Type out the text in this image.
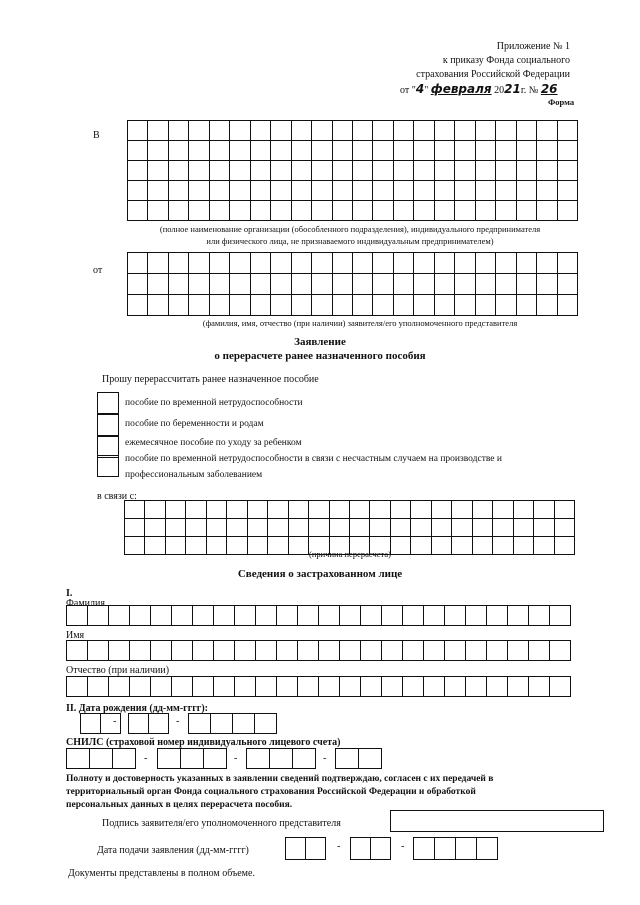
Приложение № 1
к приказу Фонда социального
страхования Российской Федерации
от "4" февраля 2021г. № 26
Форма
В
(полное наименование организации (обособленного подразделения), индивидуального предпринимателя
или физического лица, не признаваемого индивидуальным предпринимателем)
от
(фамилия, имя, отчество (при наличии) заявителя/его уполномоченного представителя
Заявление
о перерасчете ранее назначенного пособия
Прошу перерассчитать ранее назначенное пособие
пособие по временной нетрудоспособности
пособие по беременности и родам
ежемесячное пособие по уходу за ребенком
пособие по временной нетрудоспособности в связи с несчастным случаем на производстве и
профессиональным заболеванием
в связи с:
(причина перерасчета)
Сведения о застрахованном лице
I.
Фамилия
Имя
Отчество (при наличии)
II. Дата рождения (дд-мм-гггг):
-	-
СНИЛС (страховой номер индивидуального лицевого счета)
-	-	-
Полноту и достоверность указанных в заявлении сведений подтверждаю, согласен с их передачей в
территориальный орган Фонда социального страхования Российской Федерации и обработкой
персональных данных в целях перерасчета пособия.
Подпись заявителя/его уполномоченного представителя
Дата подачи заявления (дд-мм-гггг)	-	-
Документы представлены в полном объеме.
